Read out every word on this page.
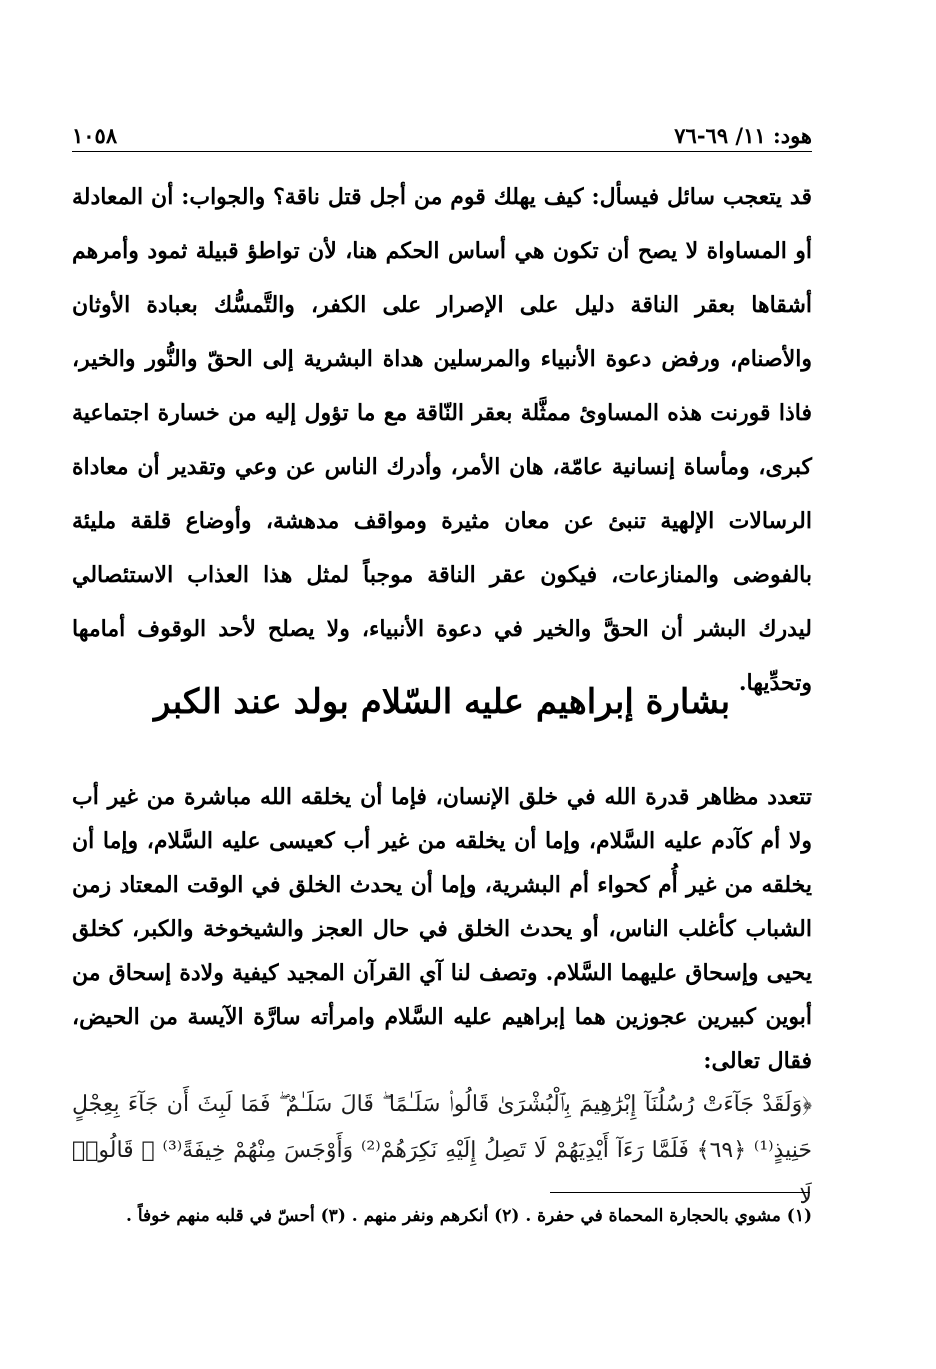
هود: ١١/ ٦٩-٧٦
١٠٥٨

قد يتعجب سائل فيسأل: كيف يهلك قوم من أجل قتل ناقة؟ والجواب: أن المعادلة أو المساواة لا يصح أن تكون هي أساس الحكم هنا، لأن تواطؤ قبيلة ثمود وأمرهم أشقاها بعقر الناقة دليل على الإصرار على الكفر، والتَّمسُّك بعبادة الأوثان والأصنام، ورفض دعوة الأنبياء والمرسلين هداة البشرية إلى الحقّ والنُّور والخير، فاذا قورنت هذه المساوئ ممثَّلة بعقر النّاقة مع ما تؤول إليه من خسارة اجتماعية كبرى، ومأساة إنسانية عامّة، هان الأمر، وأدرك الناس عن وعي وتقدير أن معاداة الرسالات الإلهية تنبئ عن معان مثيرة ومواقف مدهشة، وأوضاع قلقة مليئة بالفوضى والمنازعات، فيكون عقر الناقة موجباً لمثل هذا العذاب الاستئصالي ليدرك البشر أن الحقَّ والخير في دعوة الأنبياء، ولا يصلح لأحد الوقوف أمامها وتحدِّيها.

بشارة إبراهيم عليه السّلام بولد عند الكبر

تتعدد مظاهر قدرة الله في خلق الإنسان، فإما أن يخلقه الله مباشرة من غير أب ولا أم كآدم عليه السَّلام، وإما أن يخلقه من غير أب كعيسى عليه السَّلام، وإما أن يخلقه من غير أُم كحواء أم البشرية، وإما أن يحدث الخلق في الوقت المعتاد زمن الشباب كأغلب الناس، أو يحدث الخلق في حال العجز والشيخوخة والكبر، كخلق يحيى وإسحاق عليهما السَّلام. وتصف لنا آي القرآن المجيد كيفية ولادة إسحاق من أبوين كبيرين عجوزين هما إبراهيم عليه السَّلام وامرأته سارَّة الآيسة من الحيض، فقال تعالى:

﴿وَلَقَدْ جَآءَتْ رُسُلُنَآ إِبْرَٰهِيمَ بِٱلْبُشْرَىٰ قَالُوا۟ سَلَـٰمًا ۖ قَالَ سَلَـٰمٌ ۖ فَمَا لَبِثَ أَن جَآءَ بِعِجْلٍ حَنِيذٍ⁽¹⁾ ﴿٦٩﴾ فَلَمَّا رَءَآ أَيْدِيَهُمْ لَا تَصِلُ إِلَيْهِ نَكِرَهُمْ⁽²⁾ وَأَوْجَسَ مِنْهُمْ خِيفَةً⁽³⁾ ۚ قَالُوا۟ لَا

(١) مشوي بالحجارة المحماة في حفرة . (٢) أنكرهم ونفر منهم . (٣) أحسّ في قلبه منهم خوفاً .
